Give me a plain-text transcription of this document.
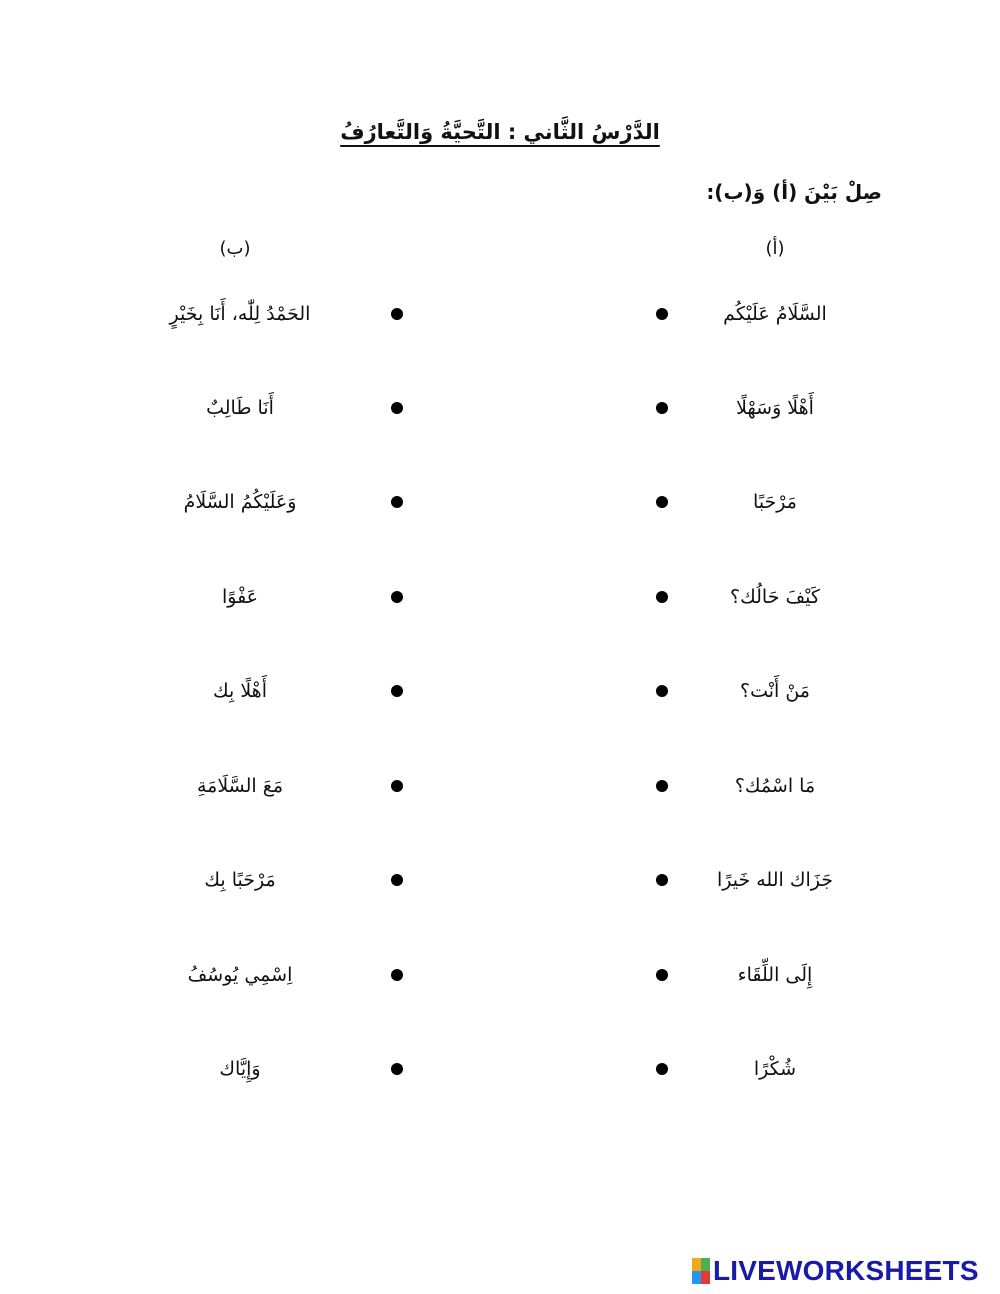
الدَّرْسُ الثَّاني : التَّحيَّةُ وَالتَّعارُفُ
صِلْ بَيْنَ (أ) وَ(ب):
(أ)
(ب)
السَّلَامُ عَلَيْكُم
الحَمْدُ لِلّٰه، أَنَا بِخَيْرٍ
أَهْلًا وَسَهْلًا
أَنَا طَالِبٌ
مَرْحَبًا
وَعَلَيْكُمُ السَّلَامُ
كَيْفَ حَالُك؟
عَفْوًا
مَنْ أَنْت؟
أَهْلًا بِك
مَا اسْمُك؟
مَعَ السَّلَامَةِ
جَزَاك الله خَيرًا
مَرْحَبًا بِك
إِلَى اللِّقَاء
اِسْمِي يُوسُفُ
شُكْرًا
وَإِيَّاك
LIVEWORKSHEETS
